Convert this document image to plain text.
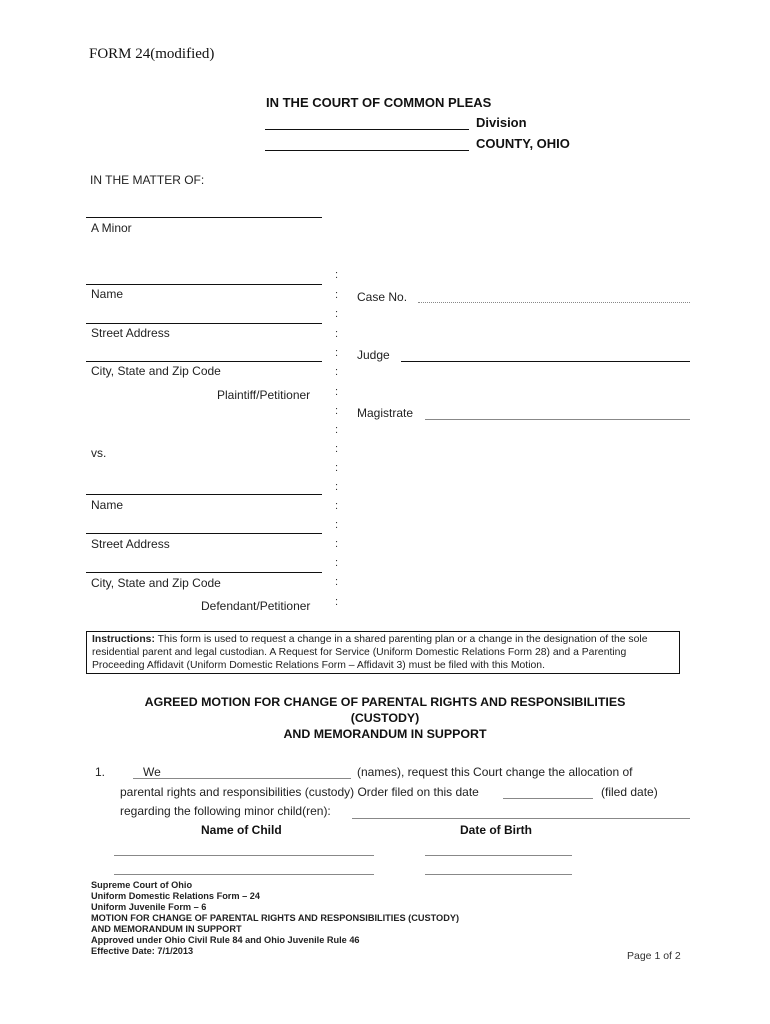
FORM 24(modified)
IN THE COURT OF COMMON PLEAS
Division
COUNTY, OHIO
IN THE MATTER OF:
A Minor
Name
Street Address
City, State and Zip Code
Plaintiff/Petitioner
vs.
Name
Street Address
City, State and Zip Code
Defendant/Petitioner
:
:
:
:
:
:
:
:
:
:
:
:
:
:
:
:
:
:
Case No.
Judge
Magistrate
Instructions: This form is used to request a change in a shared parenting plan or a change in the designation of the sole residential parent and legal custodian. A Request for Service (Uniform Domestic Relations Form 28) and a Parenting Proceeding Affidavit (Uniform Domestic Relations Form – Affidavit 3) must be filed with this Motion.
AGREED MOTION FOR CHANGE OF PARENTAL RIGHTS AND RESPONSIBILITIES
(CUSTODY)
AND MEMORANDUM IN SUPPORT
1.	We	(names), request this Court change the allocation of
parental rights and responsibilities (custody) Order filed on this date	(filed date)
regarding the following minor child(ren):
Name of Child	Date of Birth
Supreme Court of Ohio
Uniform Domestic Relations Form – 24
Uniform Juvenile Form – 6
MOTION FOR CHANGE OF PARENTAL RIGHTS AND RESPONSIBILITIES (CUSTODY)
AND MEMORANDUM IN SUPPORT
Approved under Ohio Civil Rule 84 and Ohio Juvenile Rule 46
Effective Date: 7/1/2013	Page 1 of 2
